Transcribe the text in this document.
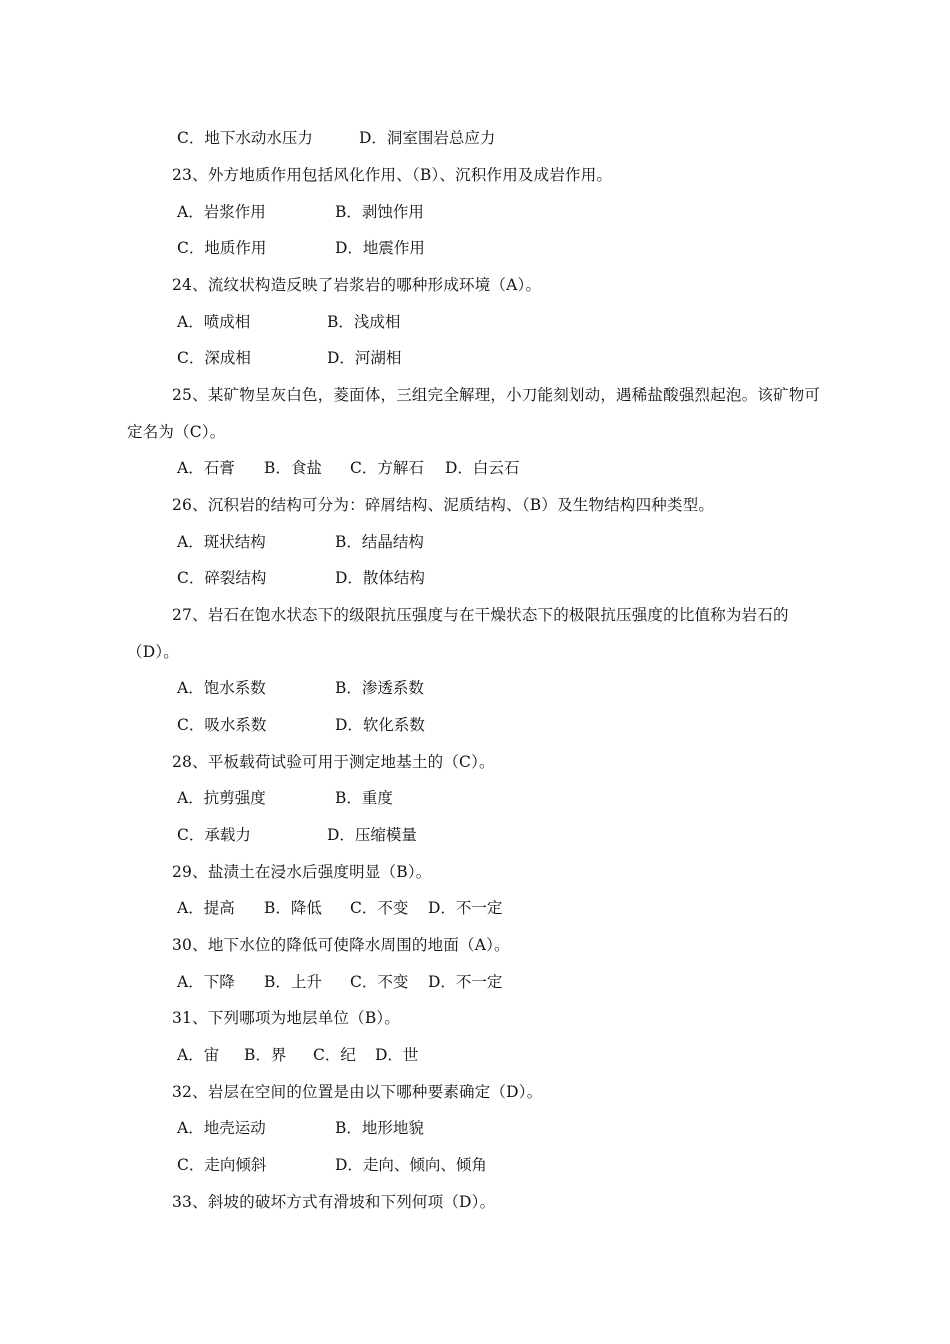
C．地下水动水压力	D．洞室围岩总应力
23、外方地质作用包括风化作用、（B）、沉积作用及成岩作用。
A．岩浆作用	B．剥蚀作用
C．地质作用	D．地震作用
24、流纹状构造反映了岩浆岩的哪种形成环境（A）。
A．喷成相	B．浅成相
C．深成相	D．河湖相
25、某矿物呈灰白色，菱面体，三组完全解理，小刀能刻划动，遇稀盐酸强烈起泡。该矿物可
定名为（C）。
A．石膏 B．食盐 C．方解石 D．白云石
26、沉积岩的结构可分为：碎屑结构、泥质结构、（B）及生物结构四种类型。
A．斑状结构	B．结晶结构
C．碎裂结构	D．散体结构
27、岩石在饱水状态下的级限抗压强度与在干燥状态下的极限抗压强度的比值称为岩石的
（D）。
A．饱水系数	B．渗透系数
C．吸水系数	D．软化系数
28、平板载荷试验可用于测定地基土的（C）。
A．抗剪强度	B．重度
C．承载力	D．压缩模量
29、盐渍土在浸水后强度明显（B）。
A．提高 B．降低 C．不变 D．不一定
30、地下水位的降低可使降水周围的地面（A）。
A．下降 B．上升 C．不变 D．不一定
31、下列哪项为地层单位（B）。
A．宙 B．界 C．纪 D．世
32、岩层在空间的位置是由以下哪种要素确定（D）。
A．地壳运动	B．地形地貌
C．走向倾斜	D．走向、倾向、倾角
33、斜坡的破坏方式有滑坡和下列何项（D）。
